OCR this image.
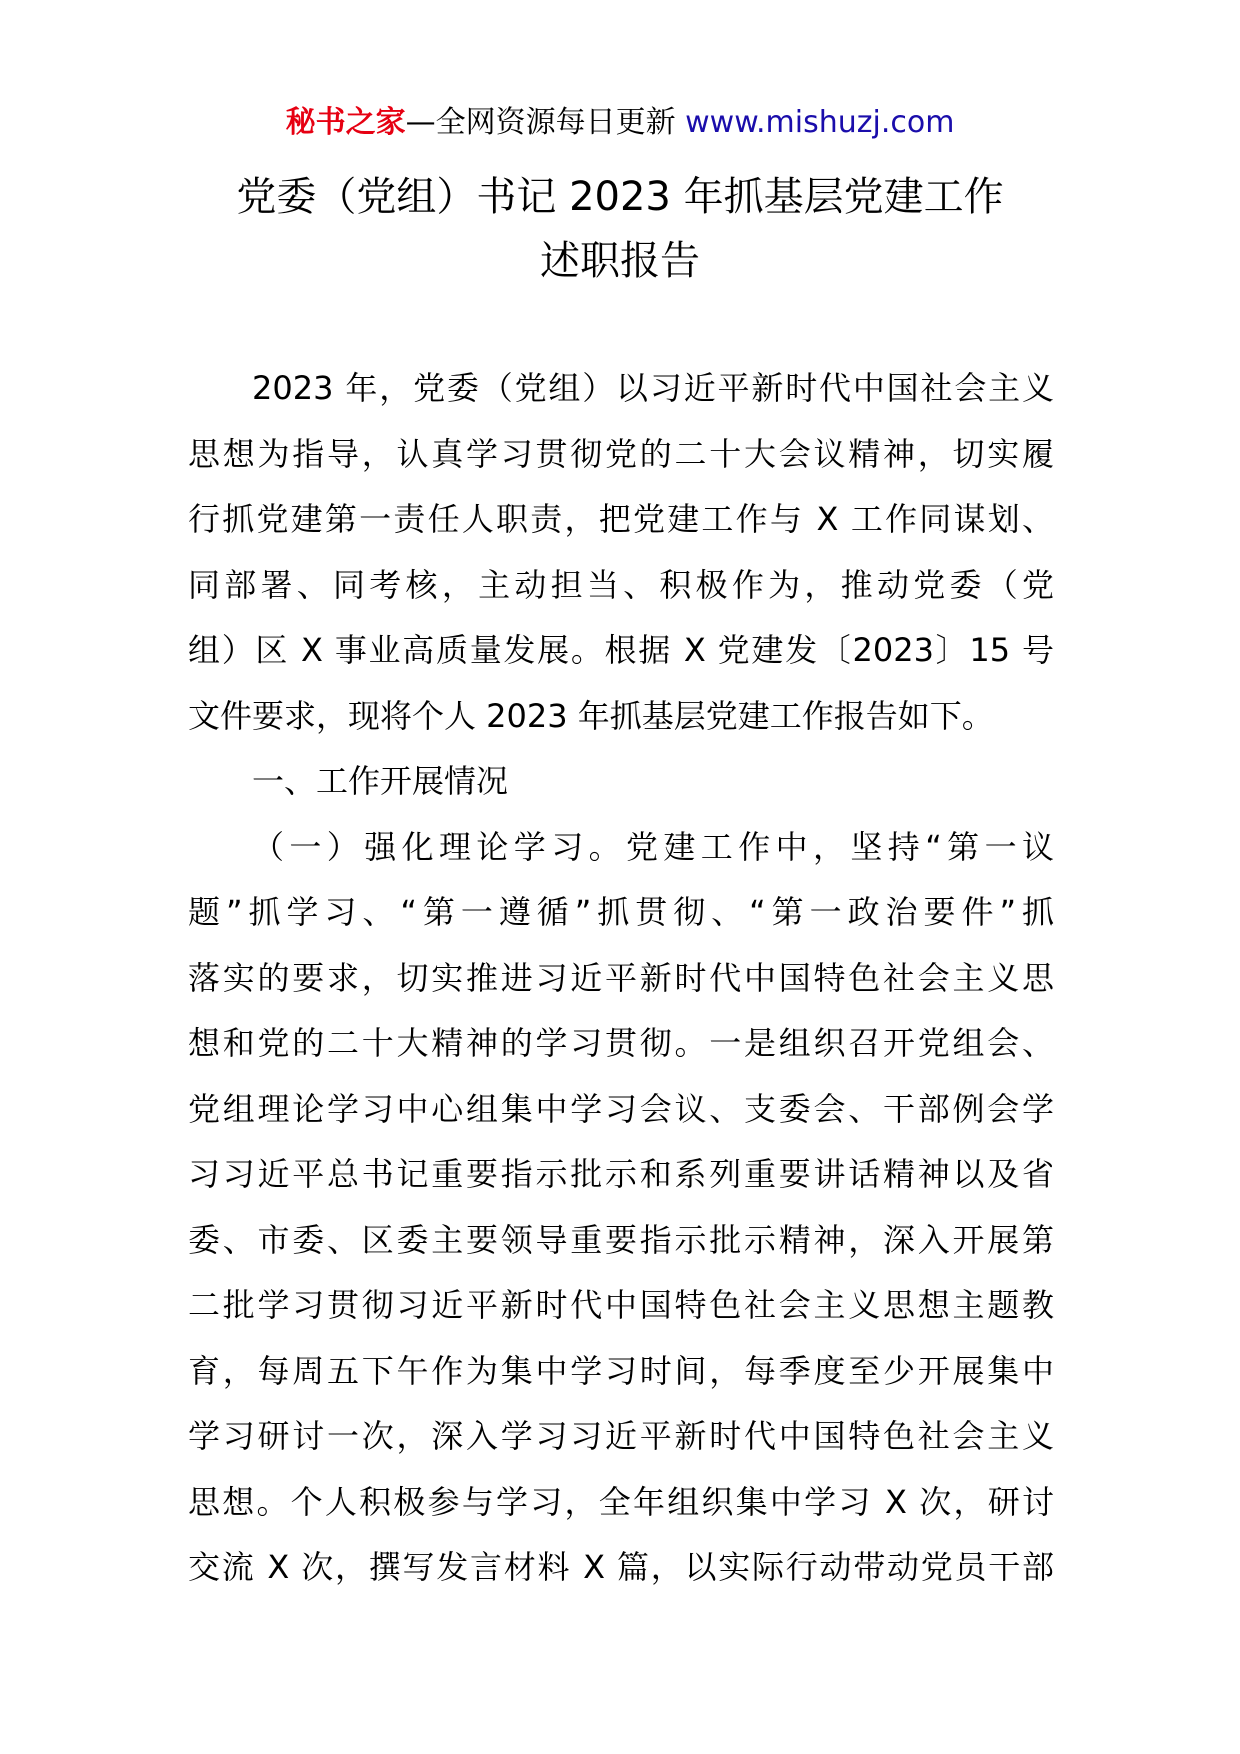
秘书之家—全网资源每日更新 www.mishuzj.com
党委（党组）书记 2023 年抓基层党建工作
述职报告
2023 年，党委（党组）以习近平新时代中国社会主义
思想为指导，认真学习贯彻党的二十大会议精神，切实履
行抓党建第一责任人职责，把党建工作与 X 工作同谋划、
同部署、同考核，主动担当、积极作为，推动党委（党
组）区 X 事业高质量发展。根据 X 党建发〔2023〕15 号
文件要求，现将个人 2023 年抓基层党建工作报告如下。
一、工作开展情况
（一）强化理论学习。党建工作中，坚持“第一议
题”抓学习、“第一遵循”抓贯彻、“第一政治要件”抓
落实的要求，切实推进习近平新时代中国特色社会主义思
想和党的二十大精神的学习贯彻。一是组织召开党组会、
党组理论学习中心组集中学习会议、支委会、干部例会学
习习近平总书记重要指示批示和系列重要讲话精神以及省
委、市委、区委主要领导重要指示批示精神，深入开展第
二批学习贯彻习近平新时代中国特色社会主义思想主题教
育，每周五下午作为集中学习时间，每季度至少开展集中
学习研讨一次，深入学习习近平新时代中国特色社会主义
思想。个人积极参与学习，全年组织集中学习 X 次，研讨
交流 X 次，撰写发言材料 X 篇，以实际行动带动党员干部
